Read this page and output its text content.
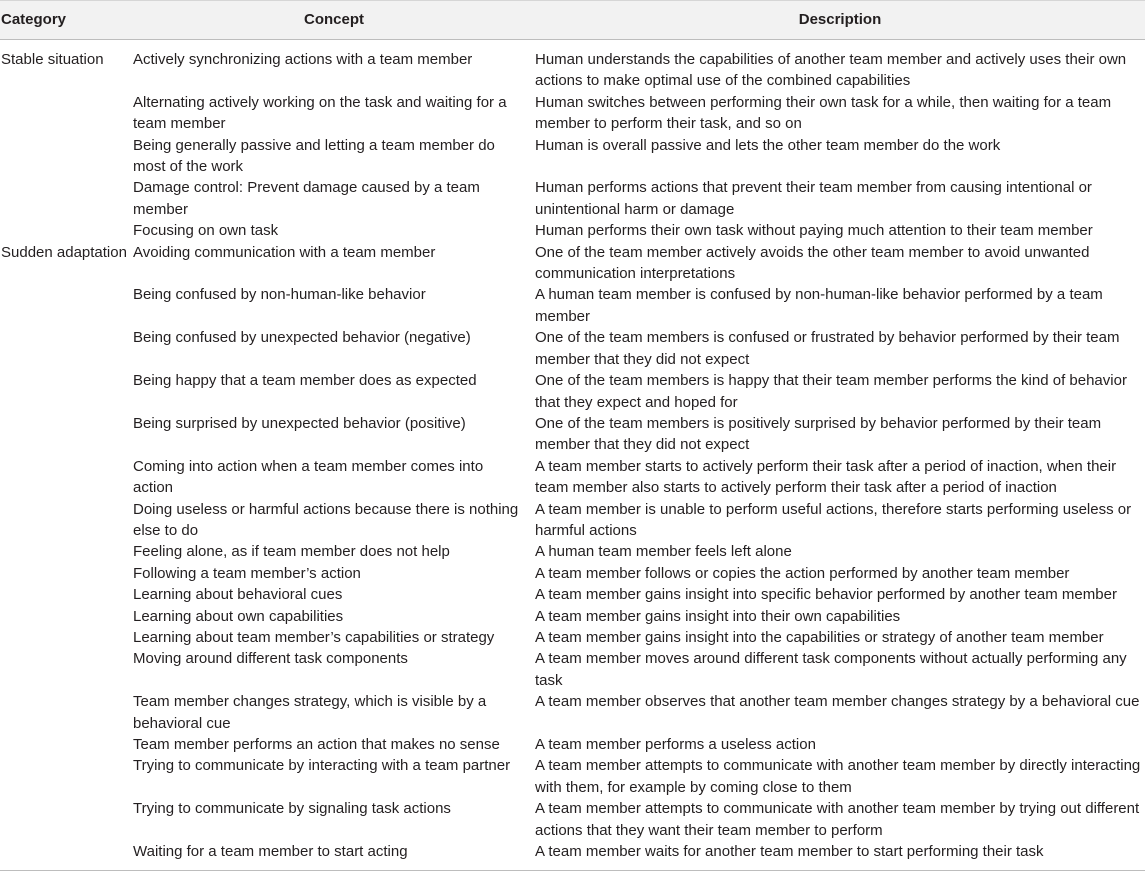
Category	Concept	Description
Stable situation	Actively synchronizing actions with a team member	Human understands the capabilities of another team member and actively uses their own actions to make optimal use of the combined capabilities
	Alternating actively working on the task and waiting for a team member	Human switches between performing their own task for a while, then waiting for a team member to perform their task, and so on
	Being generally passive and letting a team member do most of the work	Human is overall passive and lets the other team member do the work
	Damage control: Prevent damage caused by a team member	Human performs actions that prevent their team member from causing intentional or unintentional harm or damage
	Focusing on own task	Human performs their own task without paying much attention to their team member
Sudden adaptation	Avoiding communication with a team member	One of the team member actively avoids the other team member to avoid unwanted communication interpretations
	Being confused by non-human-like behavior	A human team member is confused by non-human-like behavior performed by a team member
	Being confused by unexpected behavior (negative)	One of the team members is confused or frustrated by behavior performed by their team member that they did not expect
	Being happy that a team member does as expected	One of the team members is happy that their team member performs the kind of behavior that they expect and hoped for
	Being surprised by unexpected behavior (positive)	One of the team members is positively surprised by behavior performed by their team member that they did not expect
	Coming into action when a team member comes into action	A team member starts to actively perform their task after a period of inaction, when their team member also starts to actively perform their task after a period of inaction
	Doing useless or harmful actions because there is nothing else to do	A team member is unable to perform useful actions, therefore starts performing useless or harmful actions
	Feeling alone, as if team member does not help	A human team member feels left alone
	Following a team member’s action	A team member follows or copies the action performed by another team member
	Learning about behavioral cues	A team member gains insight into specific behavior performed by another team member
	Learning about own capabilities	A team member gains insight into their own capabilities
	Learning about team member’s capabilities or strategy	A team member gains insight into the capabilities or strategy of another team member
	Moving around different task components	A team member moves around different task components without actually performing any task
	Team member changes strategy, which is visible by a behavioral cue	A team member observes that another team member changes strategy by a behavioral cue
	Team member performs an action that makes no sense	A team member performs a useless action
	Trying to communicate by interacting with a team partner	A team member attempts to communicate with another team member by directly interacting with them, for example by coming close to them
	Trying to communicate by signaling task actions	A team member attempts to communicate with another team member by trying out different actions that they want their team member to perform
	Waiting for a team member to start acting	A team member waits for another team member to start performing their task
